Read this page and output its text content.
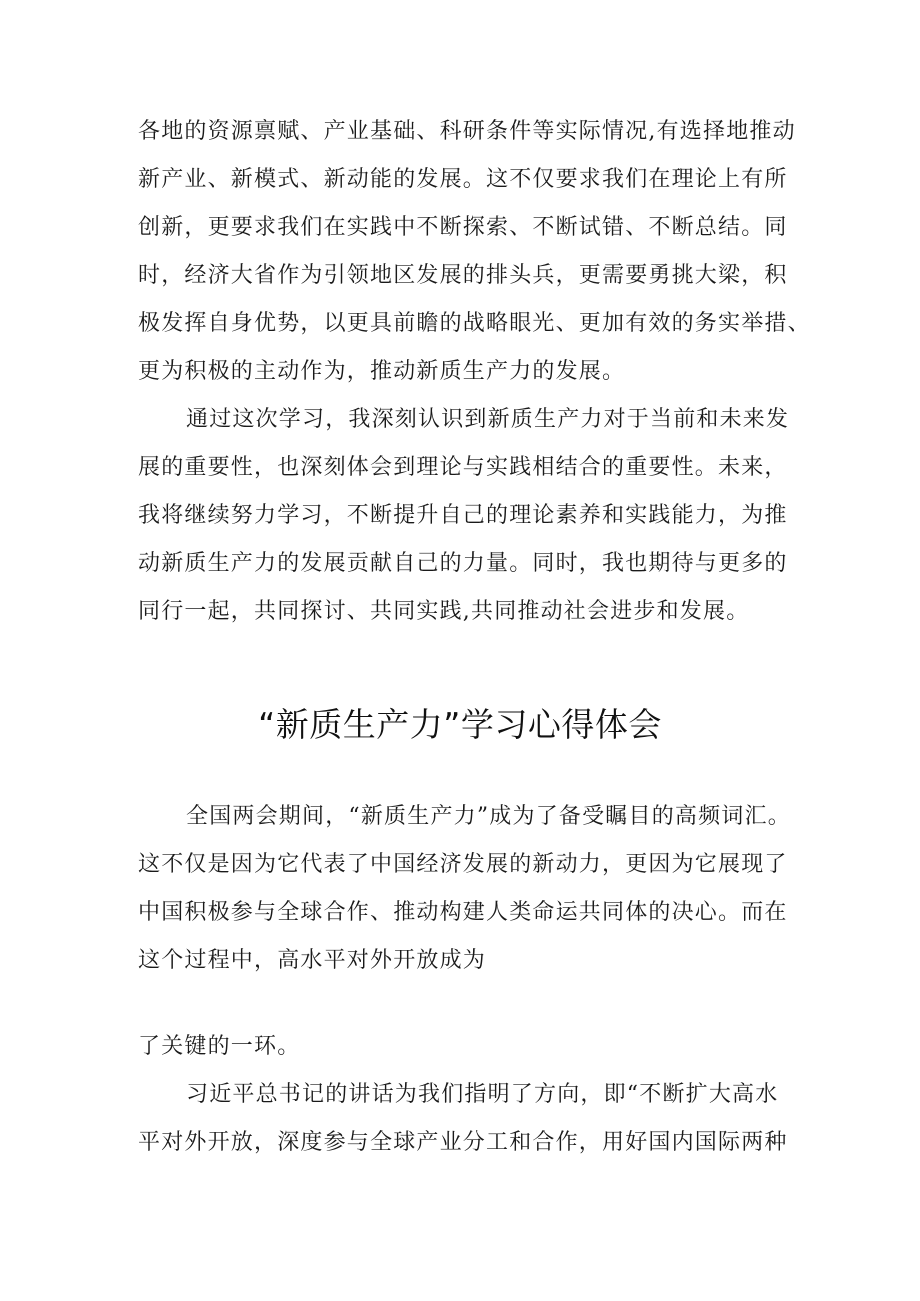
各地的资源禀赋、产业基础、科研条件等实际情况,有选择地推动
新产业、新模式、新动能的发展。这不仅要求我们在理论上有所
创新，更要求我们在实践中不断探索、不断试错、不断总结。同
时，经济大省作为引领地区发展的排头兵，更需要勇挑大梁，积
极发挥自身优势，以更具前瞻的战略眼光、更加有效的务实举措、
更为积极的主动作为，推动新质生产力的发展。
通过这次学习，我深刻认识到新质生产力对于当前和未来发
展的重要性，也深刻体会到理论与实践相结合的重要性。未来，
我将继续努力学习，不断提升自己的理论素养和实践能力，为推
动新质生产力的发展贡献自己的力量。同时，我也期待与更多的
同行一起，共同探讨、共同实践,共同推动社会进步和发展。
“新质生产力”学习心得体会
全国两会期间，“新质生产力”成为了备受瞩目的高频词汇。
这不仅是因为它代表了中国经济发展的新动力，更因为它展现了
中国积极参与全球合作、推动构建人类命运共同体的决心。而在
这个过程中，高水平对外开放成为
了关键的一环。
习近平总书记的讲话为我们指明了方向，即“不断扩大高水
平对外开放，深度参与全球产业分工和合作，用好国内国际两种
